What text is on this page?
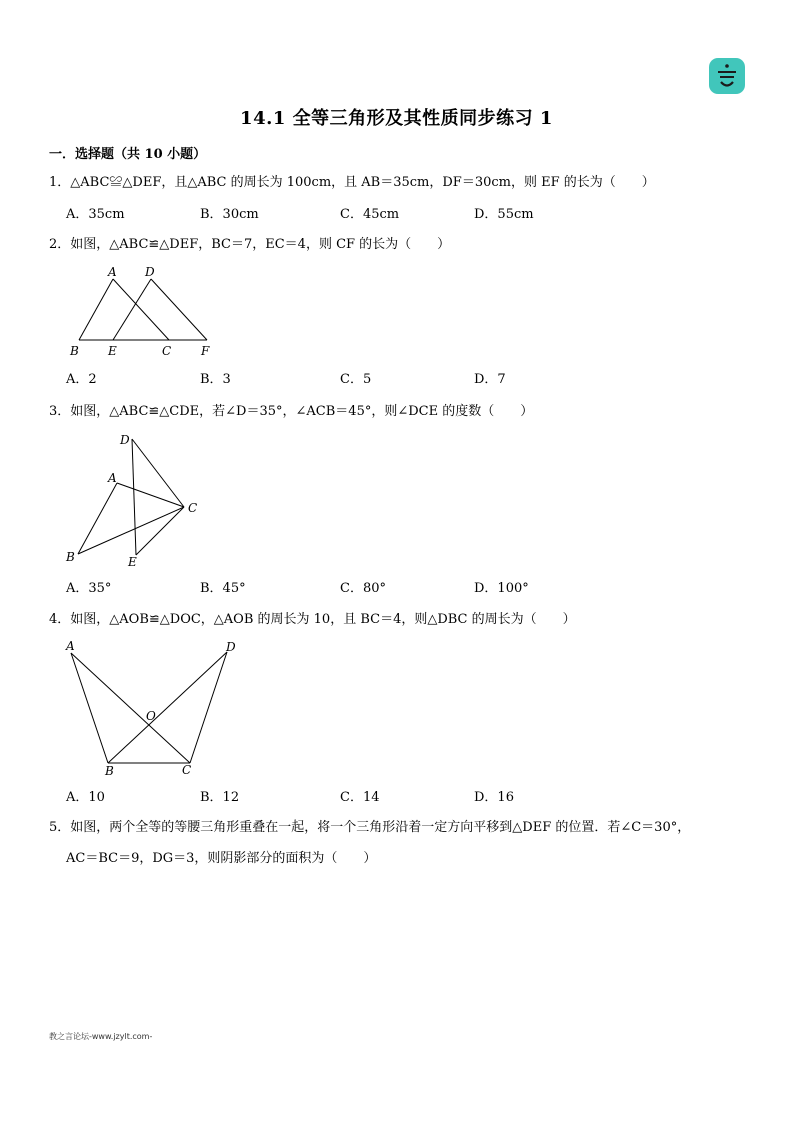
14.1 全等三角形及其性质同步练习 1
一．选择题（共 10 小题）
1．△ABC≌△DEF，且△ABC 的周长为 100cm，且 AB＝35cm，DF＝30cm，则 EF 的长为（　　）
A．35cm	B．30cm	C．45cm	D．55cm
2．如图，△ABC≌△DEF，BC＝7，EC＝4，则 CF 的长为（　　）
A D
B E	C F
A．2	B．3	C．5	D．7
3．如图，△ABC≌△CDE，若∠D＝35°，∠ACB＝45°，则∠DCE 的度数（　　）
D
A
C
B	E
A．35°	B．45°	C．80°	D．100°
4．如图，△AOB≌△DOC，△AOB 的周长为 10，且 BC＝4，则△DBC 的周长为（　　）
A	D
O
B	C
A．10	B．12	C．14	D．16
5．如图，两个全等的等腰三角形重叠在一起，将一个三角形沿着一定方向平移到△DEF 的位置．若∠C＝30°，
AC＝BC＝9，DG＝3，则阴影部分的面积为（　　）
教之言论坛-www.jzylt.com-
